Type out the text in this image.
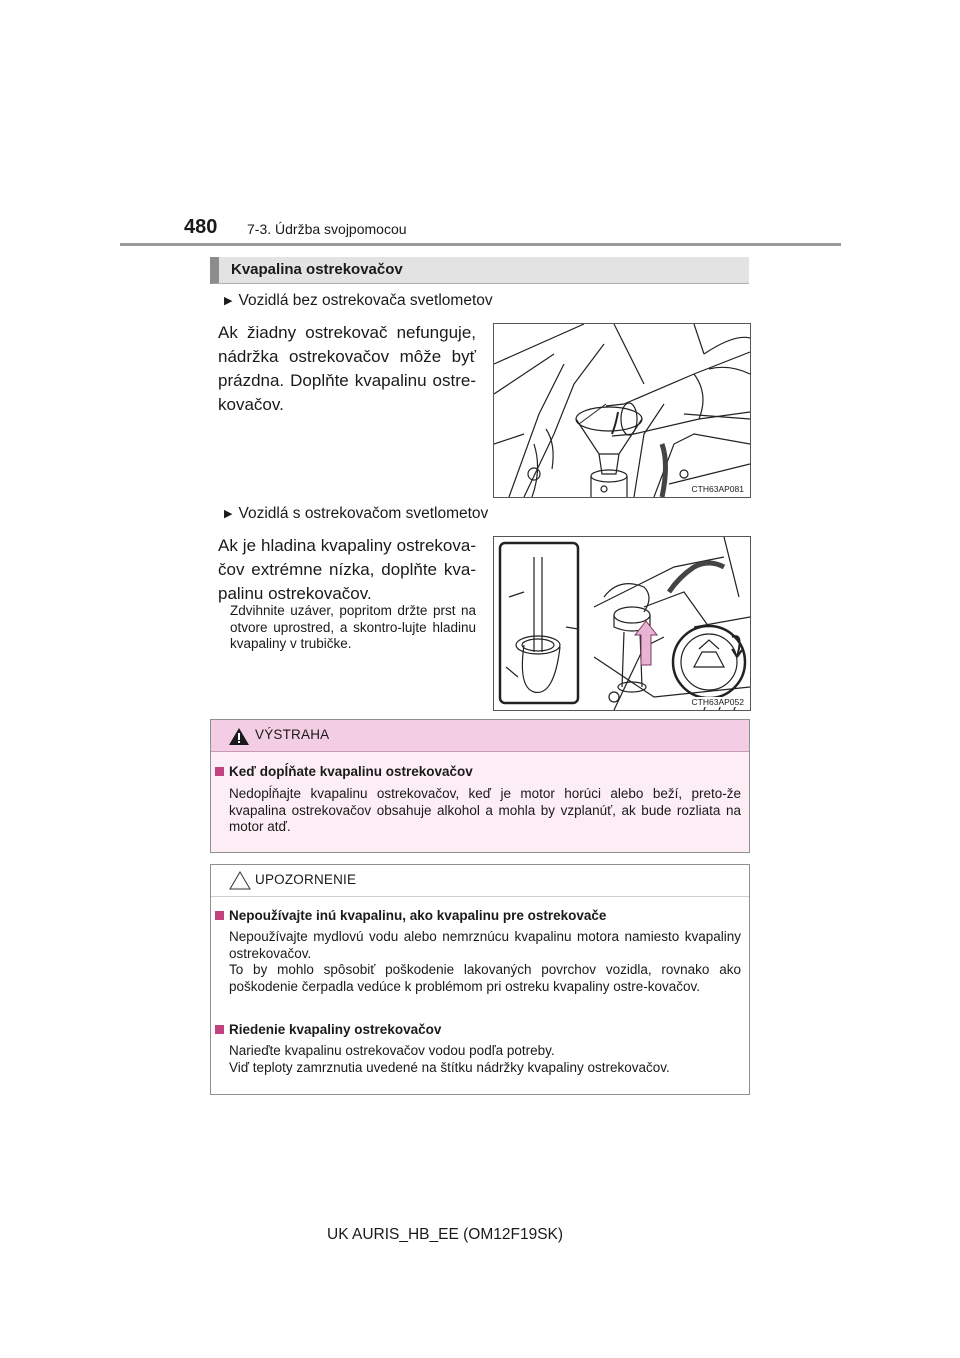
480 7-3. Údržba svojpomocou
Kvapalina ostrekovačov
▶ Vozidlá bez ostrekovača svetlometov
Ak žiadny ostrekovač nefunguje, nádržka ostrekovačov môže byť prázdna. Doplňte kvapalinu ostre-kovačov.
CTH63AP081
▶ Vozidlá s ostrekovačom svetlometov
Ak je hladina kvapaliny ostrekova-čov extrémne nízka, doplňte kva-palinu ostrekovačov.
Zdvihnite uzáver, popritom držte prst na otvore uprostred, a skontro-lujte hladinu kvapaliny v trubičke.
CTH63AP052
VÝSTRAHA
Keď dopĺňate kvapalinu ostrekovačov
Nedopĺňajte kvapalinu ostrekovačov, keď je motor horúci alebo beží, preto-že kvapalina ostrekovačov obsahuje alkohol a mohla by vzplanúť, ak bude rozliata na motor atď.
UPOZORNENIE
Nepoužívajte inú kvapalinu, ako kvapalinu pre ostrekovače
Nepoužívajte mydlovú vodu alebo nemrznúcu kvapalinu motora namiesto kvapaliny ostrekovačov.
To by mohlo spôsobiť poškodenie lakovaných povrchov vozidla, rovnako ako poškodenie čerpadla vedúce k problémom pri ostreku kvapaliny ostre-kovačov.
Riedenie kvapaliny ostrekovačov
Narieďte kvapalinu ostrekovačov vodou podľa potreby.
Viď teploty zamrznutia uvedené na štítku nádržky kvapaliny ostrekovačov.
UK AURIS_HB_EE (OM12F19SK)
